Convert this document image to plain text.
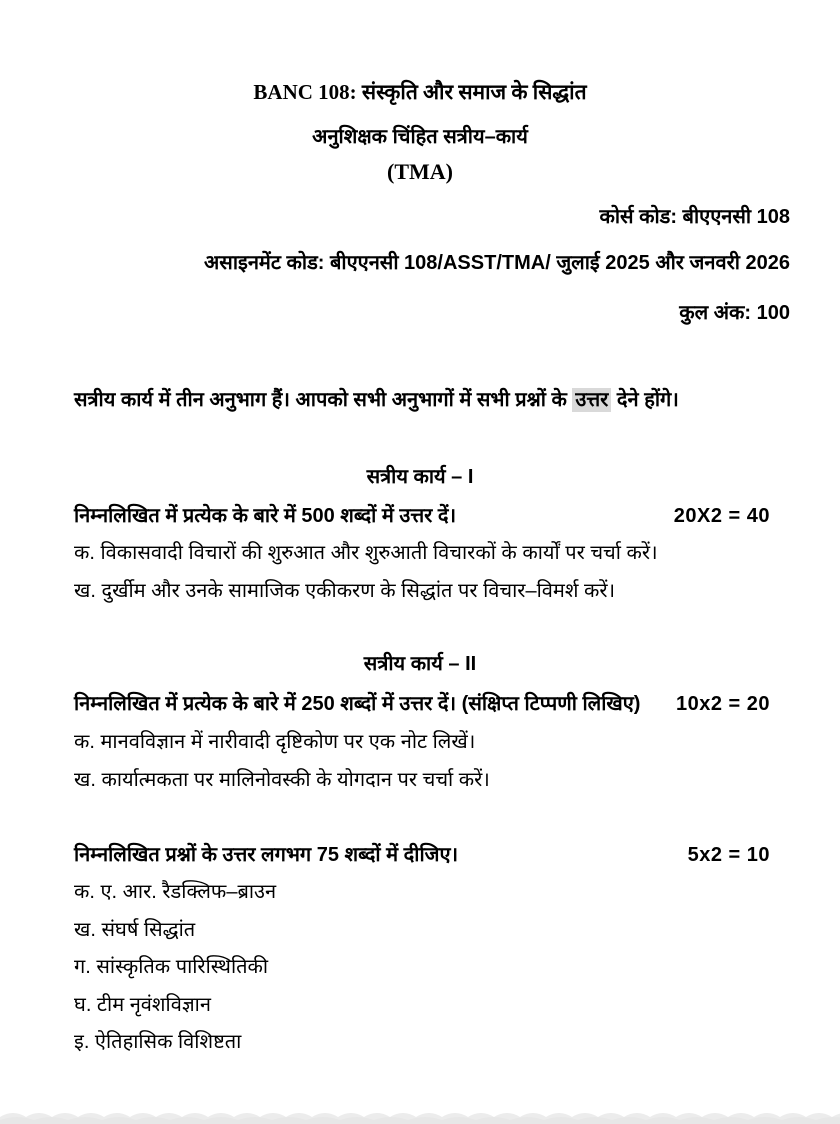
BANC 108: संस्कृति और समाज के सिद्धांत
अनुशिक्षक चिंहित सत्रीय–कार्य
(TMA)
कोर्स कोड: बीएएनसी 108
असाइनमेंट कोड: बीएएनसी 108/ASST/TMA/ जुलाई 2025 और जनवरी 2026
कुल अंक: 100
सत्रीय कार्य में तीन अनुभाग हैं। आपको सभी अनुभागों में सभी प्रश्नों के उत्तर देने होंगे।
सत्रीय कार्य – I
निम्नलिखित में प्रत्येक के बारे में 500 शब्दों में उत्तर दें।	20X2 = 40
क. विकासवादी विचारों की शुरुआत और शुरुआती विचारकों के कार्यों पर चर्चा करें।
ख. दुर्खीम और उनके सामाजिक एकीकरण के सिद्धांत पर विचार–विमर्श करें।
सत्रीय कार्य – II
निम्नलिखित में प्रत्येक के बारे में 250 शब्दों में उत्तर दें। (संक्षिप्त टिप्पणी लिखिए) 10x2 = 20
क. मानवविज्ञान में नारीवादी दृष्टिकोण पर एक नोट लिखें।
ख. कार्यात्मकता पर मालिनोवस्की के योगदान पर चर्चा करें।
निम्नलिखित प्रश्नों के उत्तर लगभग 75 शब्दों में दीजिए।	5x2 = 10
क. ए. आर. रैडक्लिफ–ब्राउन
ख. संघर्ष सिद्धांत
ग. सांस्कृतिक पारिस्थितिकी
घ. टीम नृवंशविज्ञान
इ. ऐतिहासिक विशिष्टता
